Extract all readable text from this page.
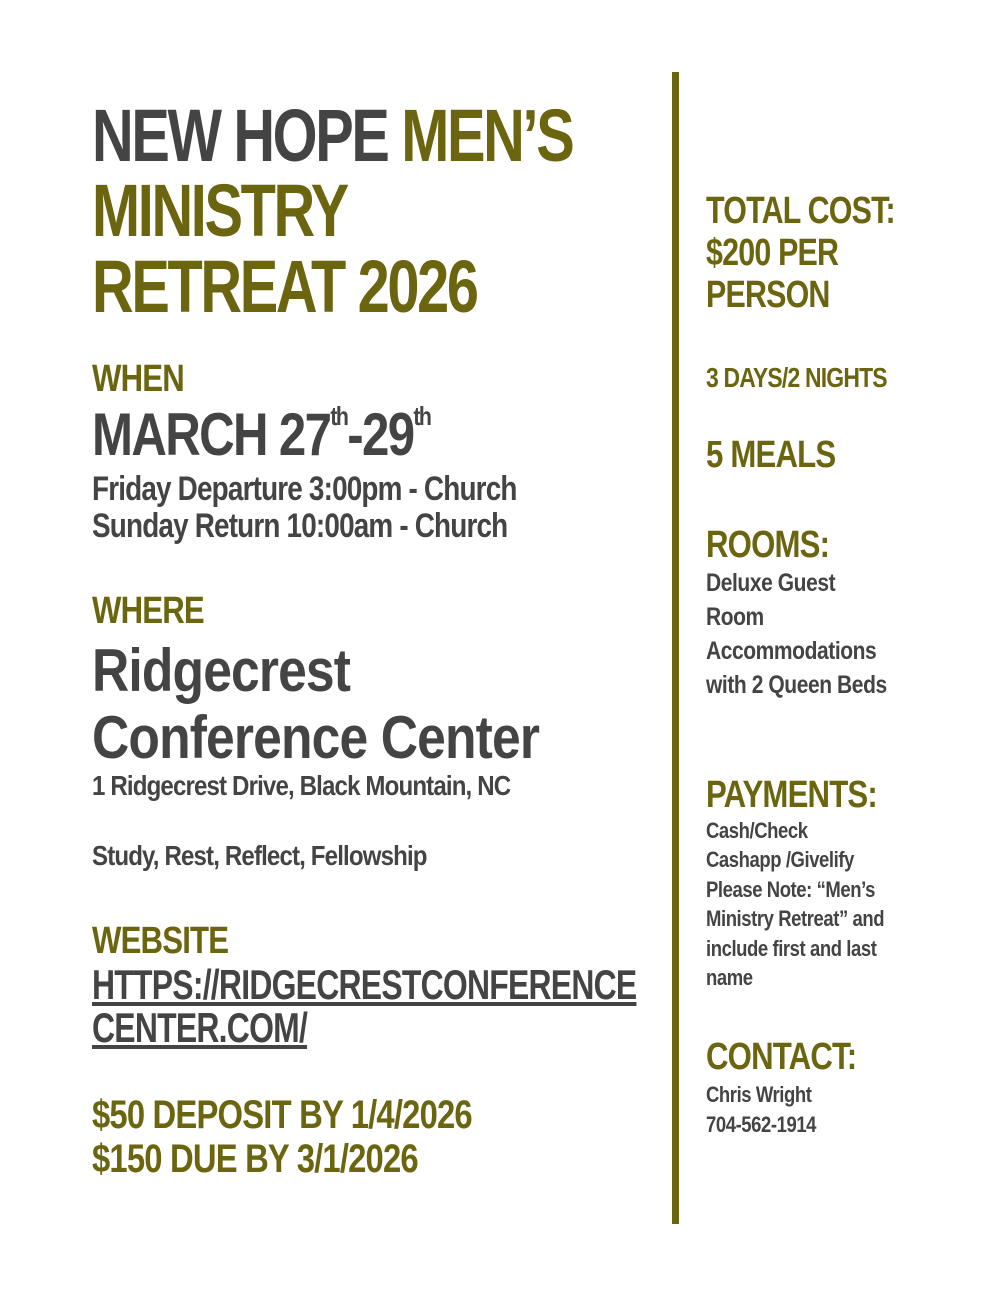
NEW HOPE MEN’S
MINISTRY
RETREAT 2026
WHEN
MARCH 27th-29th
Friday Departure 3:00pm - Church
Sunday Return 10:00am - Church
WHERE
Ridgecrest
Conference Center
1 Ridgecrest Drive, Black Mountain, NC
Study, Rest, Reflect, Fellowship
WEBSITE
HTTPS://RIDGECRESTCONFERENCE
CENTER.COM/
$50 DEPOSIT BY 1/4/2026
$150 DUE BY 3/1/2026
TOTAL COST:
$200 PER
PERSON
3 DAYS/2 NIGHTS
5 MEALS
ROOMS:
Deluxe Guest
Room
Accommodations
with 2 Queen Beds
PAYMENTS:
Cash/Check
Cashapp /Givelify
Please Note: “Men’s
Ministry Retreat” and
include first and last
name
CONTACT:
Chris Wright
704-562-1914
